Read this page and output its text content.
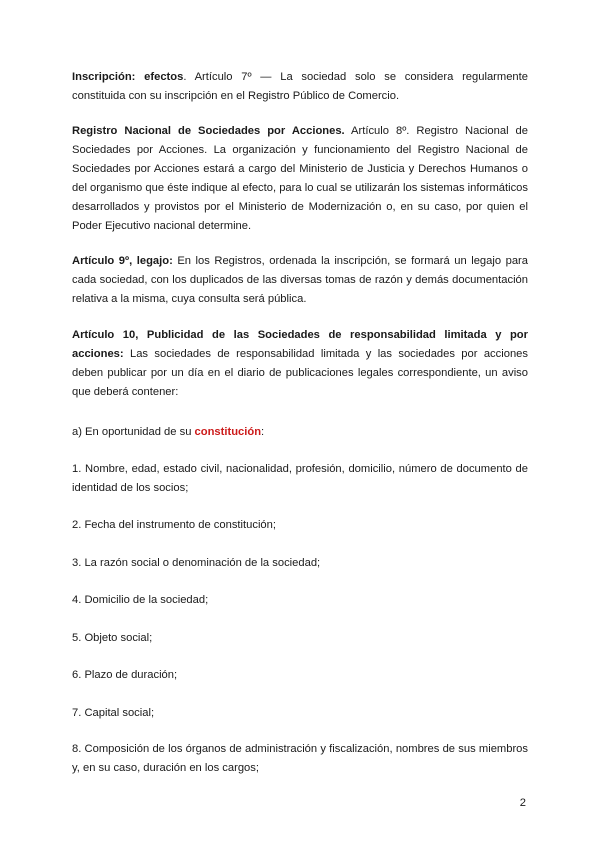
Inscripción: efectos. Artículo 7º — La sociedad solo se considera regularmente constituida con su inscripción en el Registro Público de Comercio.

Registro Nacional de Sociedades por Acciones. Artículo 8º. Registro Nacional de Sociedades por Acciones. La organización y funcionamiento del Registro Nacional de Sociedades por Acciones estará a cargo del Ministerio de Justicia y Derechos Humanos o del organismo que éste indique al efecto, para lo cual se utilizarán los sistemas informáticos desarrollados y provistos por el Ministerio de Modernización o, en su caso, por quien el Poder Ejecutivo nacional determine.

Artículo 9º, legajo: En los Registros, ordenada la inscripción, se formará un legajo para cada sociedad, con los duplicados de las diversas tomas de razón y demás documentación relativa a la misma, cuya consulta será pública.

Artículo 10, Publicidad de las Sociedades de responsabilidad limitada y por acciones: Las sociedades de responsabilidad limitada y las sociedades por acciones deben publicar por un día en el diario de publicaciones legales correspondiente, un aviso que deberá contener:

a) En oportunidad de su constitución:

1. Nombre, edad, estado civil, nacionalidad, profesión, domicilio, número de documento de identidad de los socios;

2. Fecha del instrumento de constitución;

3. La razón social o denominación de la sociedad;

4. Domicilio de la sociedad;

5. Objeto social;

6. Plazo de duración;

7. Capital social;

8. Composición de los órganos de administración y fiscalización, nombres de sus miembros y, en su caso, duración en los cargos;

2
